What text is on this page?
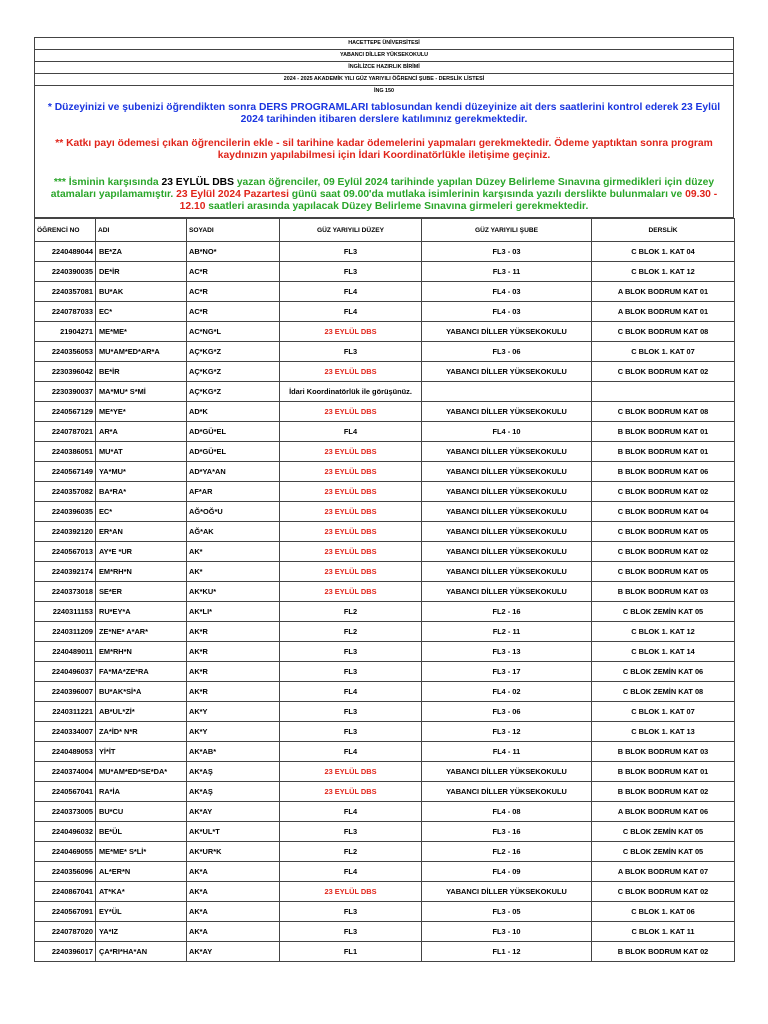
HACETTEPE ÜNİVERSİTESİ
YABANCI DİLLER YÜKSEKOKULU
İNGİLİZCE HAZIRLIK BİRİMİ
2024 - 2025 AKADEMİK YILI GÜZ YARIYILI ÖĞRENCİ ŞUBE - DERSLİK LİSTESİ
İNG 150
* Düzeyinizi ve şubenizi öğrendikten sonra DERS PROGRAMLARI tablosundan kendi düzeyinize ait ders saatlerini kontrol ederek 23 Eylül 2024 tarihinden itibaren derslere katılımınız gerekmektedir.
** Katkı payı ödemesi çıkan öğrencilerin ekle - sil tarihine kadar ödemelerini yapmaları gerekmektedir. Ödeme yaptıktan sonra program kaydınızın yapılabilmesi için İdari Koordinatörlükle iletişime geçiniz.
*** İsminin karşısında 23 EYLÜL DBS yazan öğrenciler, 09 Eylül 2024 tarihinde yapılan Düzey Belirleme Sınavına girmedikleri için düzey atamaları yapılamamıştır. 23 Eylül 2024 Pazartesi günü saat 09.00'da mutlaka isimlerinin karşısında yazılı derslikte bulunmaları ve 09.30 - 12.10 saatleri arasında yapılacak Düzey Belirleme Sınavına girmeleri gerekmektedir.
ÖĞRENCİ NO	ADI	SOYADI	GÜZ YARIYILI DÜZEY	GÜZ YARIYILI ŞUBE	DERSLİK
2240489044	BE*ZA	AB*NO*	FL3	FL3 - 03	C BLOK 1. KAT 04
2240390035	DE*İR	AC*R	FL3	FL3 - 11	C BLOK 1. KAT 12
2240357081	BU*AK	AC*R	FL4	FL4 - 03	A BLOK BODRUM KAT 01
2240787033	EC*	AC*R	FL4	FL4 - 03	A BLOK BODRUM KAT 01
21904271	ME*ME*	AC*NG*L	23 EYLÜL DBS	YABANCI DİLLER YÜKSEKOKULU	C BLOK BODRUM KAT 08
2240356053	MU*AM*ED*AR*A	AÇ*KG*Z	FL3	FL3 - 06	C BLOK 1. KAT 07
2230396042	BE*İR	AÇ*KG*Z	23 EYLÜL DBS	YABANCI DİLLER YÜKSEKOKULU	C BLOK BODRUM KAT 02
2230390037	MA*MU* S*Mİ	AÇ*KG*Z	İdari Koordinatörlük ile görüşünüz.		
2240567129	ME*YE*	AD*K	23 EYLÜL DBS	YABANCI DİLLER YÜKSEKOKULU	C BLOK BODRUM KAT 08
2240787021	AR*A	AD*GÜ*EL	FL4	FL4 - 10	B BLOK BODRUM KAT 01
2240386051	MU*AT	AD*GÜ*EL	23 EYLÜL DBS	YABANCI DİLLER YÜKSEKOKULU	B BLOK BODRUM KAT 01
2240567149	YA*MU*	AD*YA*AN	23 EYLÜL DBS	YABANCI DİLLER YÜKSEKOKULU	B BLOK BODRUM KAT 06
2240357082	BA*RA*	AF*AR	23 EYLÜL DBS	YABANCI DİLLER YÜKSEKOKULU	C BLOK BODRUM KAT 02
2240396035	EC*	AĞ*OĞ*U	23 EYLÜL DBS	YABANCI DİLLER YÜKSEKOKULU	C BLOK BODRUM KAT 04
2240392120	ER*AN	AĞ*AK	23 EYLÜL DBS	YABANCI DİLLER YÜKSEKOKULU	C BLOK BODRUM KAT 05
2240567013	AY*E *UR	AK*	23 EYLÜL DBS	YABANCI DİLLER YÜKSEKOKULU	C BLOK BODRUM KAT 02
2240392174	EM*RH*N	AK*	23 EYLÜL DBS	YABANCI DİLLER YÜKSEKOKULU	C BLOK BODRUM KAT 05
2240373018	SE*ER	AK*KU*	23 EYLÜL DBS	YABANCI DİLLER YÜKSEKOKULU	B BLOK BODRUM KAT 03
2240311153	RU*EY*A	AK*LI*	FL2	FL2 - 16	C BLOK ZEMİN KAT 05
2240311209	ZE*NE* A*AR*	AK*R	FL2	FL2 - 11	C BLOK 1. KAT 12
2240489011	EM*RH*N	AK*R	FL3	FL3 - 13	C BLOK 1. KAT 14
2240496037	FA*MA*ZE*RA	AK*R	FL3	FL3 - 17	C BLOK ZEMİN KAT 06
2240396007	BU*AK*Sİ*A	AK*R	FL4	FL4 - 02	C BLOK ZEMİN KAT 08
2240311221	AB*UL*Zİ*	AK*Y	FL3	FL3 - 06	C BLOK 1. KAT 07
2240334007	ZA*İD* N*R	AK*Y	FL3	FL3 - 12	C BLOK 1. KAT 13
2240489053	Yİ*İT	AK*AB*	FL4	FL4 - 11	B BLOK BODRUM KAT 03
2240374004	MU*AM*ED*SE*DA*	AK*AŞ	23 EYLÜL DBS	YABANCI DİLLER YÜKSEKOKULU	B BLOK BODRUM KAT 01
2240567041	RA*İA	AK*AŞ	23 EYLÜL DBS	YABANCI DİLLER YÜKSEKOKULU	B BLOK BODRUM KAT 02
2240373005	BU*CU	AK*AY	FL4	FL4 - 08	A BLOK BODRUM KAT 06
2240496032	BE*ÜL	AK*UL*T	FL3	FL3 - 16	C BLOK ZEMİN KAT 05
2240469055	ME*ME* S*Lİ*	AK*UR*K	FL2	FL2 - 16	C BLOK ZEMİN KAT 05
2240356096	AL*ER*N	AK*A	FL4	FL4 - 09	A BLOK BODRUM KAT 07
2240867041	AT*KA*	AK*A	23 EYLÜL DBS	YABANCI DİLLER YÜKSEKOKULU	C BLOK BODRUM KAT 02
2240567091	EY*ÜL	AK*A	FL3	FL3 - 05	C BLOK 1. KAT 06
2240787020	YA*IZ	AK*A	FL3	FL3 - 10	C BLOK 1. KAT 11
2240396017	ÇA*RI*HA*AN	AK*AY	FL1	FL1 - 12	B BLOK BODRUM KAT 02
